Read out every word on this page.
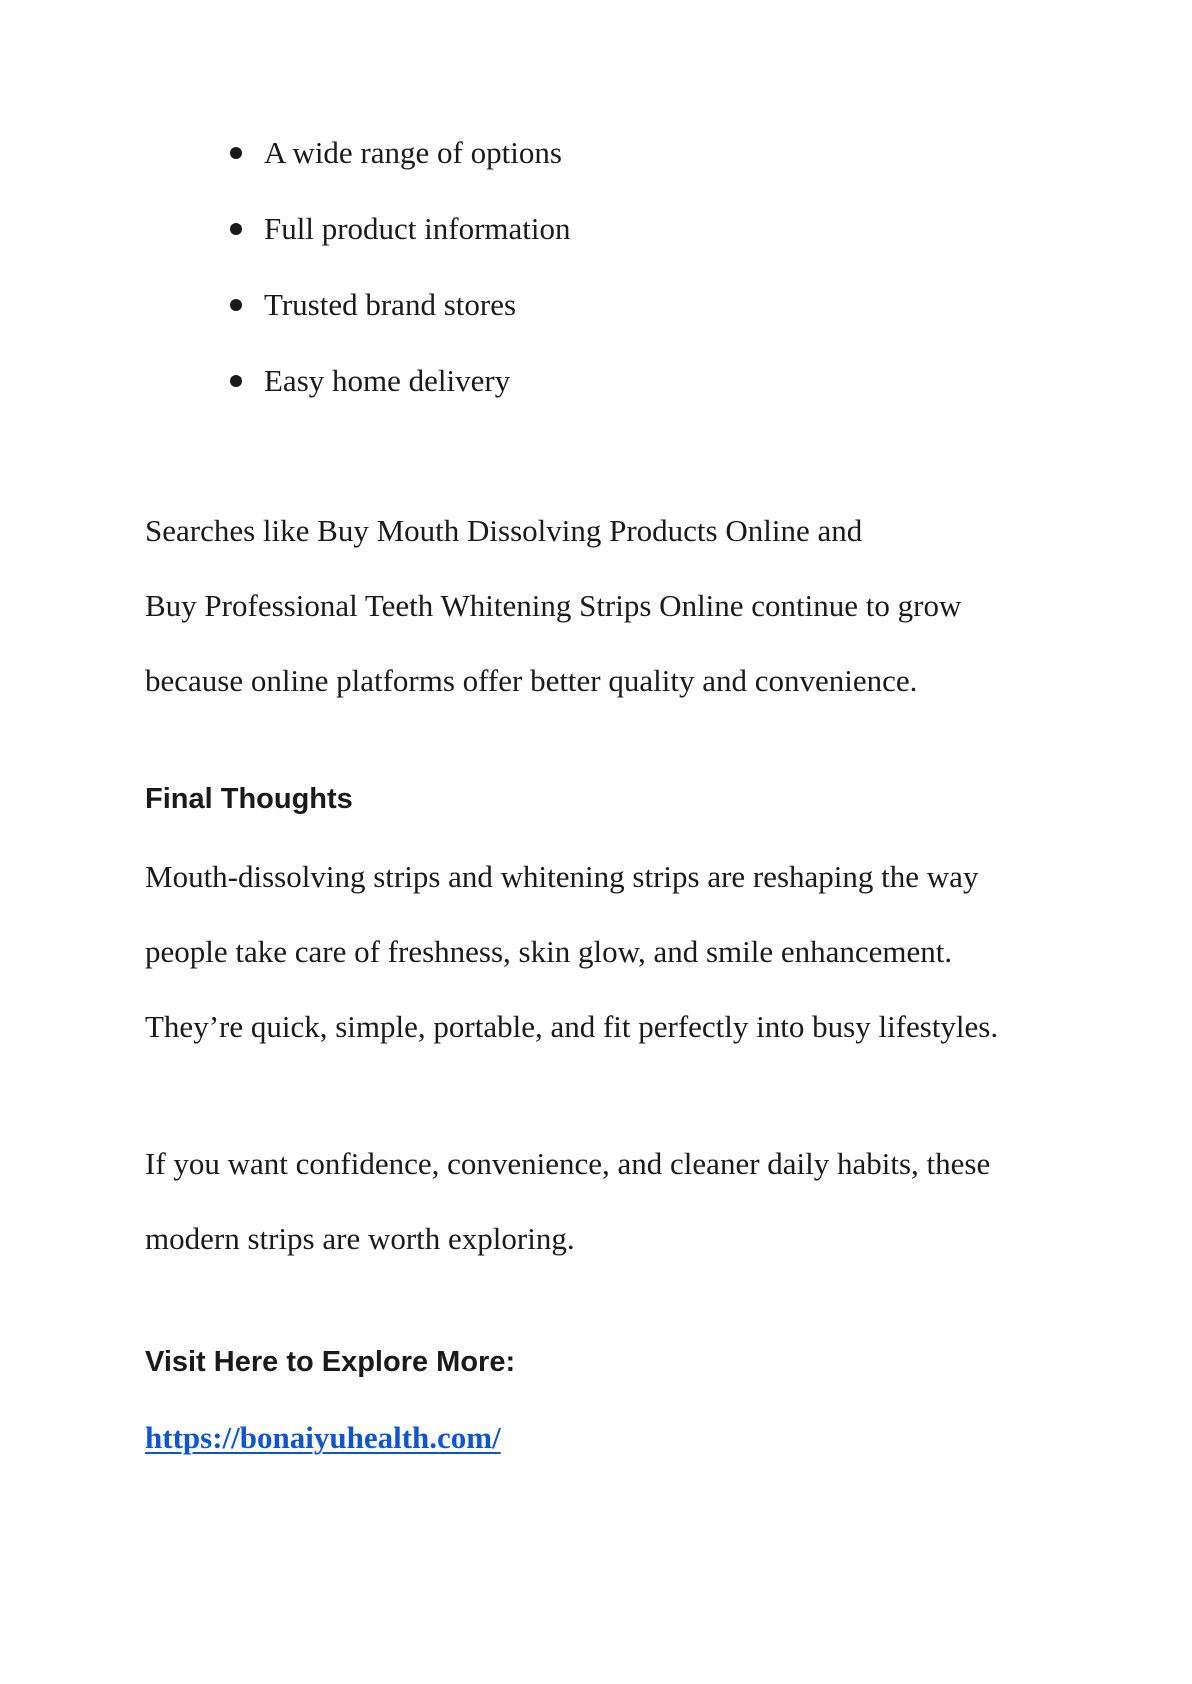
A wide range of options
Full product information
Trusted brand stores
Easy home delivery
Searches like Buy Mouth Dissolving Products Online and
Buy Professional Teeth Whitening Strips Online continue to grow
because online platforms offer better quality and convenience.
Final Thoughts
Mouth-dissolving strips and whitening strips are reshaping the way
people take care of freshness, skin glow, and smile enhancement.
They’re quick, simple, portable, and fit perfectly into busy lifestyles.
If you want confidence, convenience, and cleaner daily habits, these
modern strips are worth exploring.
Visit Here to Explore More:
https://bonaiyuhealth.com/
